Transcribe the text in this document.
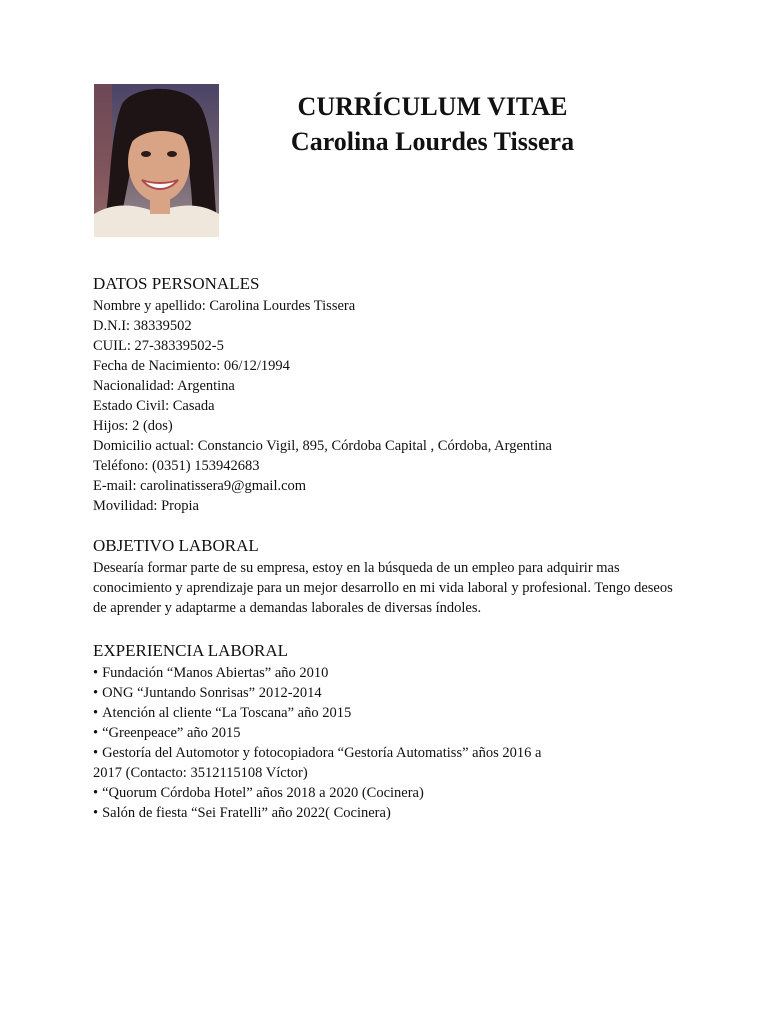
CURRÍCULUM VITAE

Carolina Lourdes Tissera

DATOS PERSONALES

Nombre y apellido: Carolina Lourdes Tissera

D.N.I: 38339502

CUIL: 27-38339502-5

Fecha de Nacimiento: 06/12/1994

Nacionalidad: Argentina

Estado Civil: Casada

Hijos: 2 (dos)

Domicilio actual: Constancio Vigil, 895, Córdoba Capital , Córdoba, Argentina

Teléfono: (0351) 153942683

E-mail: carolinatissera9@gmail.com

Movilidad: Propia

OBJETIVO LABORAL

Desearía formar parte de su empresa, estoy en la búsqueda de un empleo para adquirir mas conocimiento y aprendizaje para un mejor desarrollo en mi vida laboral y profesional. Tengo deseos de aprender y adaptarme a demandas laborales de diversas índoles.

EXPERIENCIA LABORAL

• Fundación “Manos Abiertas” año 2010

• ONG “Juntando Sonrisas” 2012-2014

• Atención al cliente “La Toscana” año 2015

• “Greenpeace” año 2015

• Gestoría del Automotor y fotocopiadora “Gestoría Automatiss” años 2016 a

2017 (Contacto: 3512115108 Víctor)

• “Quorum Córdoba Hotel” años 2018 a 2020 (Cocinera)

• Salón de fiesta “Sei Fratelli” año 2022( Cocinera)
